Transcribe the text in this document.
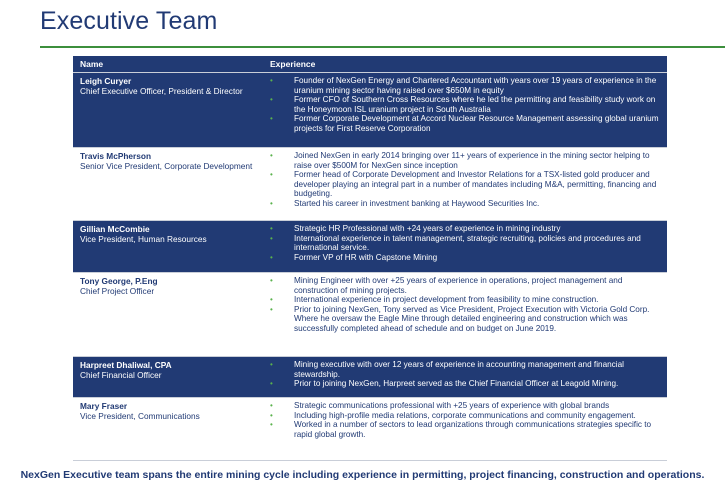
Executive Team
Name	Experience
Leigh Curyer
Chief Executive Officer, President & Director
•	Founder of NexGen Energy and Chartered Accountant with years over 19 years of experience in the uranium mining sector having raised over $650M in equity
•	Former CFO of Southern Cross Resources where he led the permitting and feasibility study work on the Honeymoon ISL uranium project in South Australia
•	Former Corporate Development at Accord Nuclear Resource Management assessing global uranium projects for First Reserve Corporation
Travis McPherson
Senior Vice President, Corporate Development
•	Joined NexGen in early 2014 bringing over 11+ years of experience in the mining sector helping to raise over $500M for NexGen since inception
•	Former head of Corporate Development and Investor Relations for a TSX-listed gold producer and developer playing an integral part in a number of mandates including M&A, permitting, financing and budgeting.
•	Started his career in investment banking at Haywood Securities Inc.
Gillian McCombie
Vice President, Human Resources
•	Strategic HR Professional with +24 years of experience in mining industry
•	International experience in talent management, strategic recruiting, policies and procedures and international service.
•	Former VP of HR with Capstone Mining
Tony George, P.Eng
Chief Project Officer
•	Mining Engineer with over +25 years of experience in operations, project management and construction of mining projects.
•	International experience in project development from feasibility to mine construction.
•	Prior to joining NexGen, Tony served as Vice President, Project Execution with Victoria Gold Corp. Where he oversaw the Eagle Mine through detailed engineering and construction which was successfully completed ahead of schedule and on budget on June 2019.
Harpreet Dhaliwal, CPA
Chief Financial Officer
•	Mining executive with over 12 years of experience in accounting management and financial stewardship.
•	Prior to joining NexGen, Harpreet served as the Chief Financial Officer at Leagold Mining.
Mary Fraser
Vice President, Communications
•	Strategic communications professional with +25 years of experience with global brands
•	Including high-profile media relations, corporate communications and community engagement.
•	Worked in a number of sectors to lead organizations through communications strategies specific to rapid global growth.
NexGen Executive team spans the entire mining cycle including experience in permitting, project financing, construction and operations.
